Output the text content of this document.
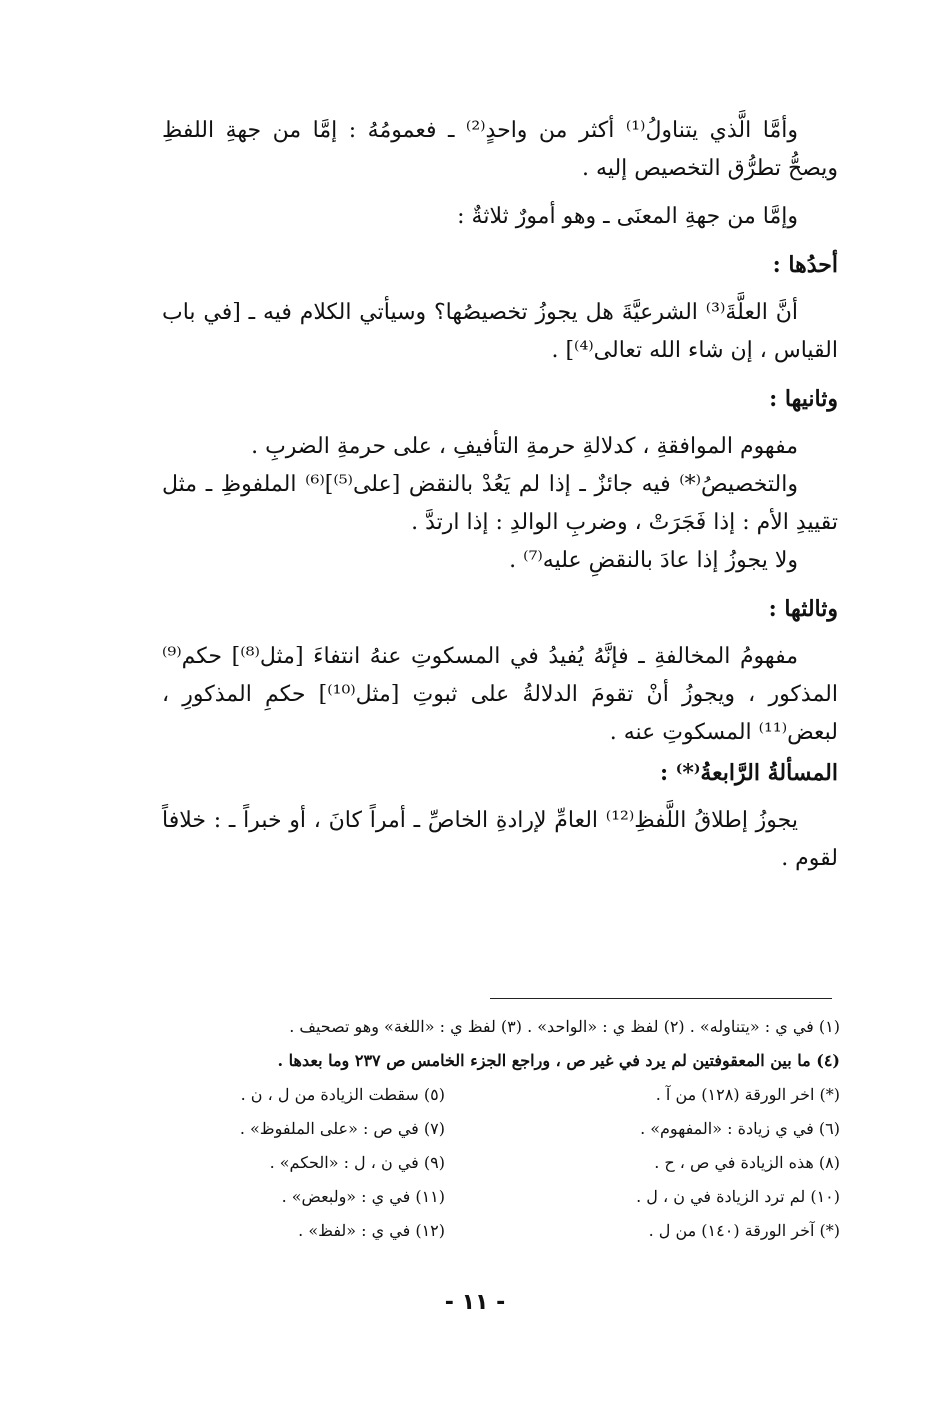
وأمَّا الَّذي يتناولُ⁽¹⁾ أكثر من واحدٍ⁽²⁾ ـ فعمومُهُ : إمَّا من جهةِ اللفظِ ويصحُّ تطرُّق التخصيص إليه .

وإمَّا من جهةِ المعنَى ـ وهو أمورٌ ثلاثةٌ :

أحدُها :

أنَّ العلَّةَ⁽³⁾ الشرعيَّةَ هل يجوزُ تخصيصُها؟ وسيأتي الكلام فيه ـ [في باب القياس ، إن شاء الله تعالى⁽⁴⁾] .

وثانيها :

مفهوم الموافقةِ ، كدلالةِ حرمةِ التأفيفِ ، على حرمةِ الضربِ .

والتخصيصُ⁽*⁾ فيه جائزٌ ـ إذا لم يَعُدْ بالنقض [على⁽⁵⁾]⁽⁶⁾ الملفوظِ ـ مثل تقييدِ الأم : إذا فَجَرَتْ ، وضربِ الوالدِ : إذا ارتدَّ .

ولا يجوزُ إذا عادَ بالنقضِ عليه⁽⁷⁾ .

وثالثها :

مفهومُ المخالفةِ ـ فإنَّهُ يُفيدُ في المسكوتِ عنهُ انتفاءَ [مثل⁽⁸⁾] حكم⁽⁹⁾ المذكور ، ويجوزُ أنْ تقومَ الدلالةُ على ثبوتِ [مثل⁽¹⁰⁾] حكمِ المذكورِ ، لبعض⁽¹¹⁾ المسكوتِ عنه .

المسألةُ الرَّابعةُ⁽*⁾ :

يجوزُ إطلاقُ اللَّفظِ⁽¹²⁾ العامِّ لإرادةِ الخاصِّ ـ أمراً كانَ ، أو خبراً ـ : خلافاً لقوم .

(١) في ي : «يتناوله» . (٢) لفظ ي : «الواحد» . (٣) لفظ ي : «اللغة» وهو تصحيف .
(٤) ما بين المعقوفتين لم يرد في غير ص ، وراجع الجزء الخامس ص ٢٣٧ وما بعدها .
(*) اخر الورقة (١٢٨) من آ .
(٥) سقطت الزيادة من ل ، ن .
(٦) في ي زيادة : «المفهوم» .
(٧) في ص : «على الملفوظ» .
(٨) هذه الزيادة في ص ، ح .
(٩) في ن ، ل : «الحكم» .
(١٠) لم ترد الزيادة في ن ، ل .
(١١) في ي : «ولبعض» .
(*) آخر الورقة (١٤٠) من ل .
(١٢) في ي : «لفظ» .
- ١١ -
